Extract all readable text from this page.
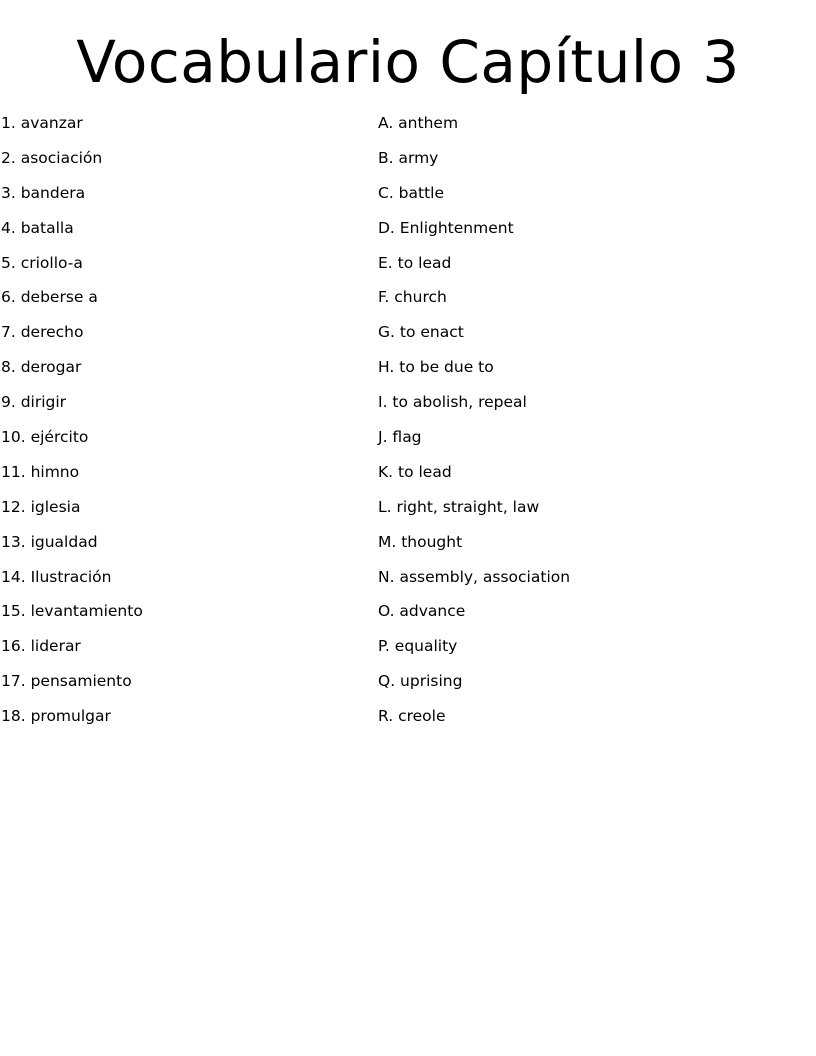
Vocabulario Capítulo 3
1. avanzar
2. asociación
3. bandera
4. batalla
5. criollo-a
6. deberse a
7. derecho
8. derogar
9. dirigir
10. ejército
11. himno
12. iglesia
13. igualdad
14. Ilustración
15. levantamiento
16. liderar
17. pensamiento
18. promulgar
A. anthem
B. army
C. battle
D. Enlightenment
E. to lead
F. church
G. to enact
H. to be due to
I. to abolish, repeal
J. flag
K. to lead
L. right, straight, law
M. thought
N. assembly, association
O. advance
P. equality
Q. uprising
R. creole
